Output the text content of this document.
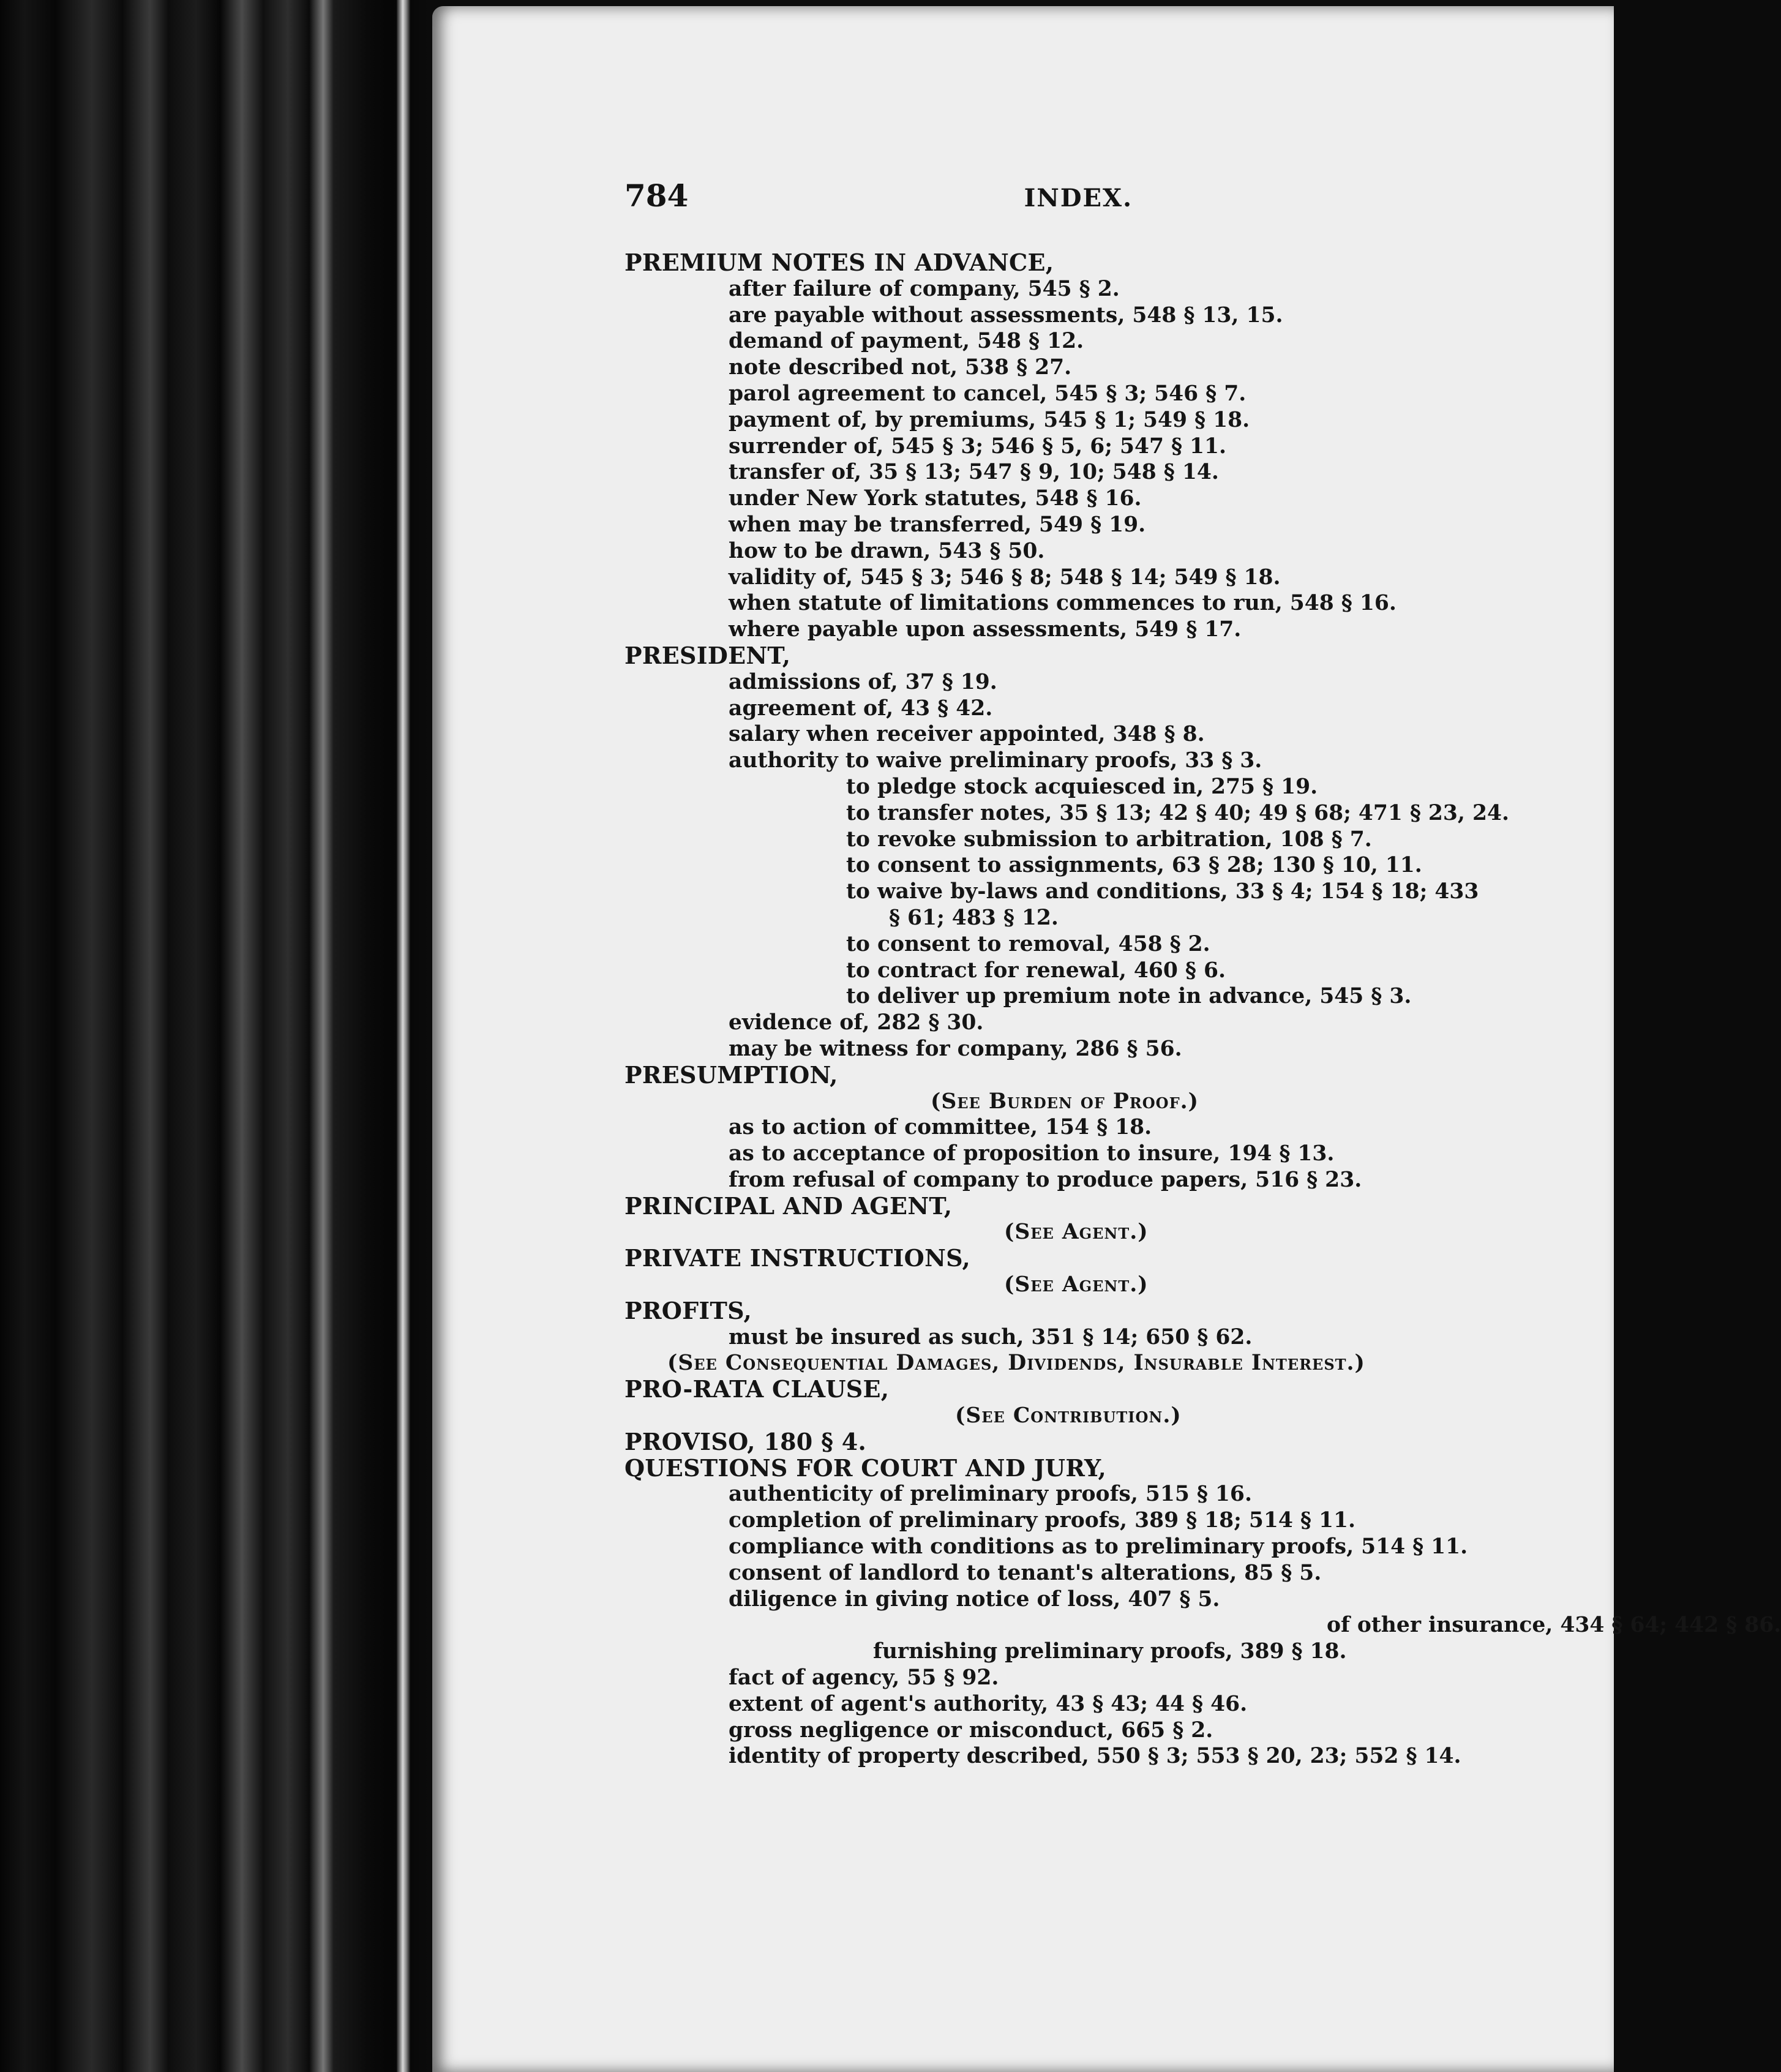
784	INDEX.
PREMIUM NOTES IN ADVANCE,
after failure of company, 545 § 2.
are payable without assessments, 548 § 13, 15.
demand of payment, 548 § 12.
note described not, 538 § 27.
parol agreement to cancel, 545 § 3; 546 § 7.
payment of, by premiums, 545 § 1; 549 § 18.
surrender of, 545 § 3; 546 § 5, 6; 547 § 11.
transfer of, 35 § 13; 547 § 9, 10; 548 § 14.
under New York statutes, 548 § 16.
when may be transferred, 549 § 19.
how to be drawn, 543 § 50.
validity of, 545 § 3; 546 § 8; 548 § 14; 549 § 18.
when statute of limitations commences to run, 548 § 16.
where payable upon assessments, 549 § 17.
PRESIDENT,
admissions of, 37 § 19.
agreement of, 43 § 42.
salary when receiver appointed, 348 § 8.
authority to waive preliminary proofs, 33 § 3.
to pledge stock acquiesced in, 275 § 19.
to transfer notes, 35 § 13; 42 § 40; 49 § 68; 471 § 23, 24.
to revoke submission to arbitration, 108 § 7.
to consent to assignments, 63 § 28; 130 § 10, 11.
to waive by-laws and conditions, 33 § 4; 154 § 18; 433
§ 61; 483 § 12.
to consent to removal, 458 § 2.
to contract for renewal, 460 § 6.
to deliver up premium note in advance, 545 § 3.
evidence of, 282 § 30.
may be witness for company, 286 § 56.
PRESUMPTION,
(See Burden of Proof.)
as to action of committee, 154 § 18.
as to acceptance of proposition to insure, 194 § 13.
from refusal of company to produce papers, 516 § 23.
PRINCIPAL AND AGENT,
(See Agent.)
PRIVATE INSTRUCTIONS,
(See Agent.)
PROFITS,
must be insured as such, 351 § 14; 650 § 62.
(See Consequential Damages, Dividends, Insurable Interest.)
PRO-RATA CLAUSE,
(See Contribution.)
PROVISO, 180 § 4.
QUESTIONS FOR COURT AND JURY,
authenticity of preliminary proofs, 515 § 16.
completion of preliminary proofs, 389 § 18; 514 § 11.
compliance with conditions as to preliminary proofs, 514 § 11.
consent of landlord to tenant's alterations, 85 § 5.
diligence in giving notice of loss, 407 § 5.
of other insurance, 434 § 64; 442 § 86.
furnishing preliminary proofs, 389 § 18.
fact of agency, 55 § 92.
extent of agent's authority, 43 § 43; 44 § 46.
gross negligence or misconduct, 665 § 2.
identity of property described, 550 § 3; 553 § 20, 23; 552 § 14.
